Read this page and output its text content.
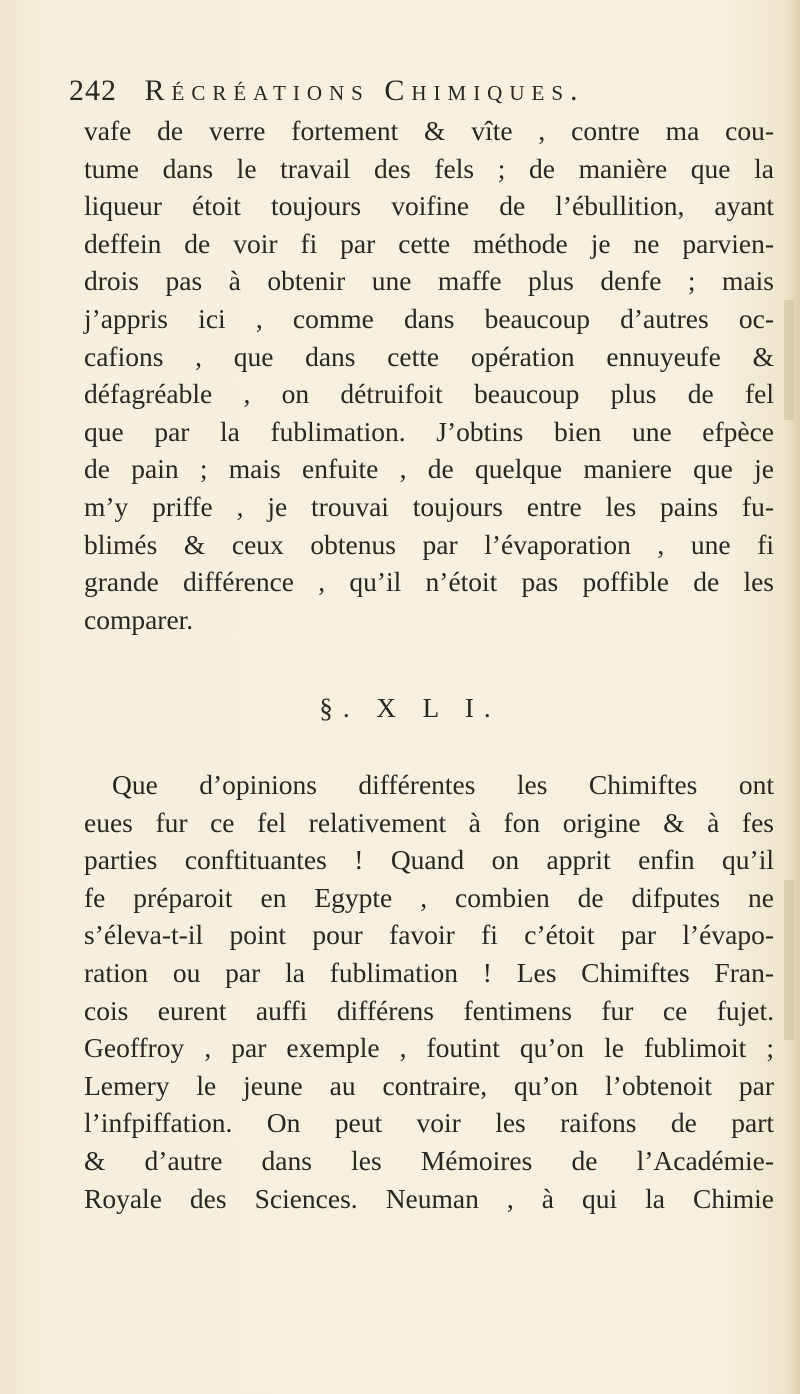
242 Récréations Chimiques.
vafe de verre fortement & vîte , contre ma cou-
tume dans le travail des fels ; de manière que la
liqueur étoit toujours voifine de l’ébullition, ayant
deffein de voir fi par cette méthode je ne parvien-
drois pas à obtenir une maffe plus denfe ; mais
j’appris ici , comme dans beaucoup d’autres oc-
cafions , que dans cette opération ennuyeufe &
défagréable , on détruifoit beaucoup plus de fel
que par la fublimation. J’obtins bien une efpèce
de pain ; mais enfuite , de quelque maniere que je
m’y priffe , je trouvai toujours entre les pains fu-
blimés & ceux obtenus par l’évaporation , une fi
grande différence , qu’il n’étoit pas poffible de les
comparer.
§. X L I.
Que d’opinions différentes les Chimiftes ont
eues fur ce fel relativement à fon origine & à fes
parties conftituantes ! Quand on apprit enfin qu’il
fe préparoit en Egypte , combien de difputes ne
s’éleva-t-il point pour favoir fi c’étoit par l’évapo-
ration ou par la fublimation ! Les Chimiftes Fran-
cois eurent auffi différens fentimens fur ce fujet.
Geoffroy , par exemple , foutint qu’on le fublimoit ;
Lemery le jeune au contraire, qu’on l’obtenoit par
l’infpiffation. On peut voir les raifons de part
& d’autre dans les Mémoires de l’Académie-
Royale des Sciences. Neuman , à qui la Chimie
